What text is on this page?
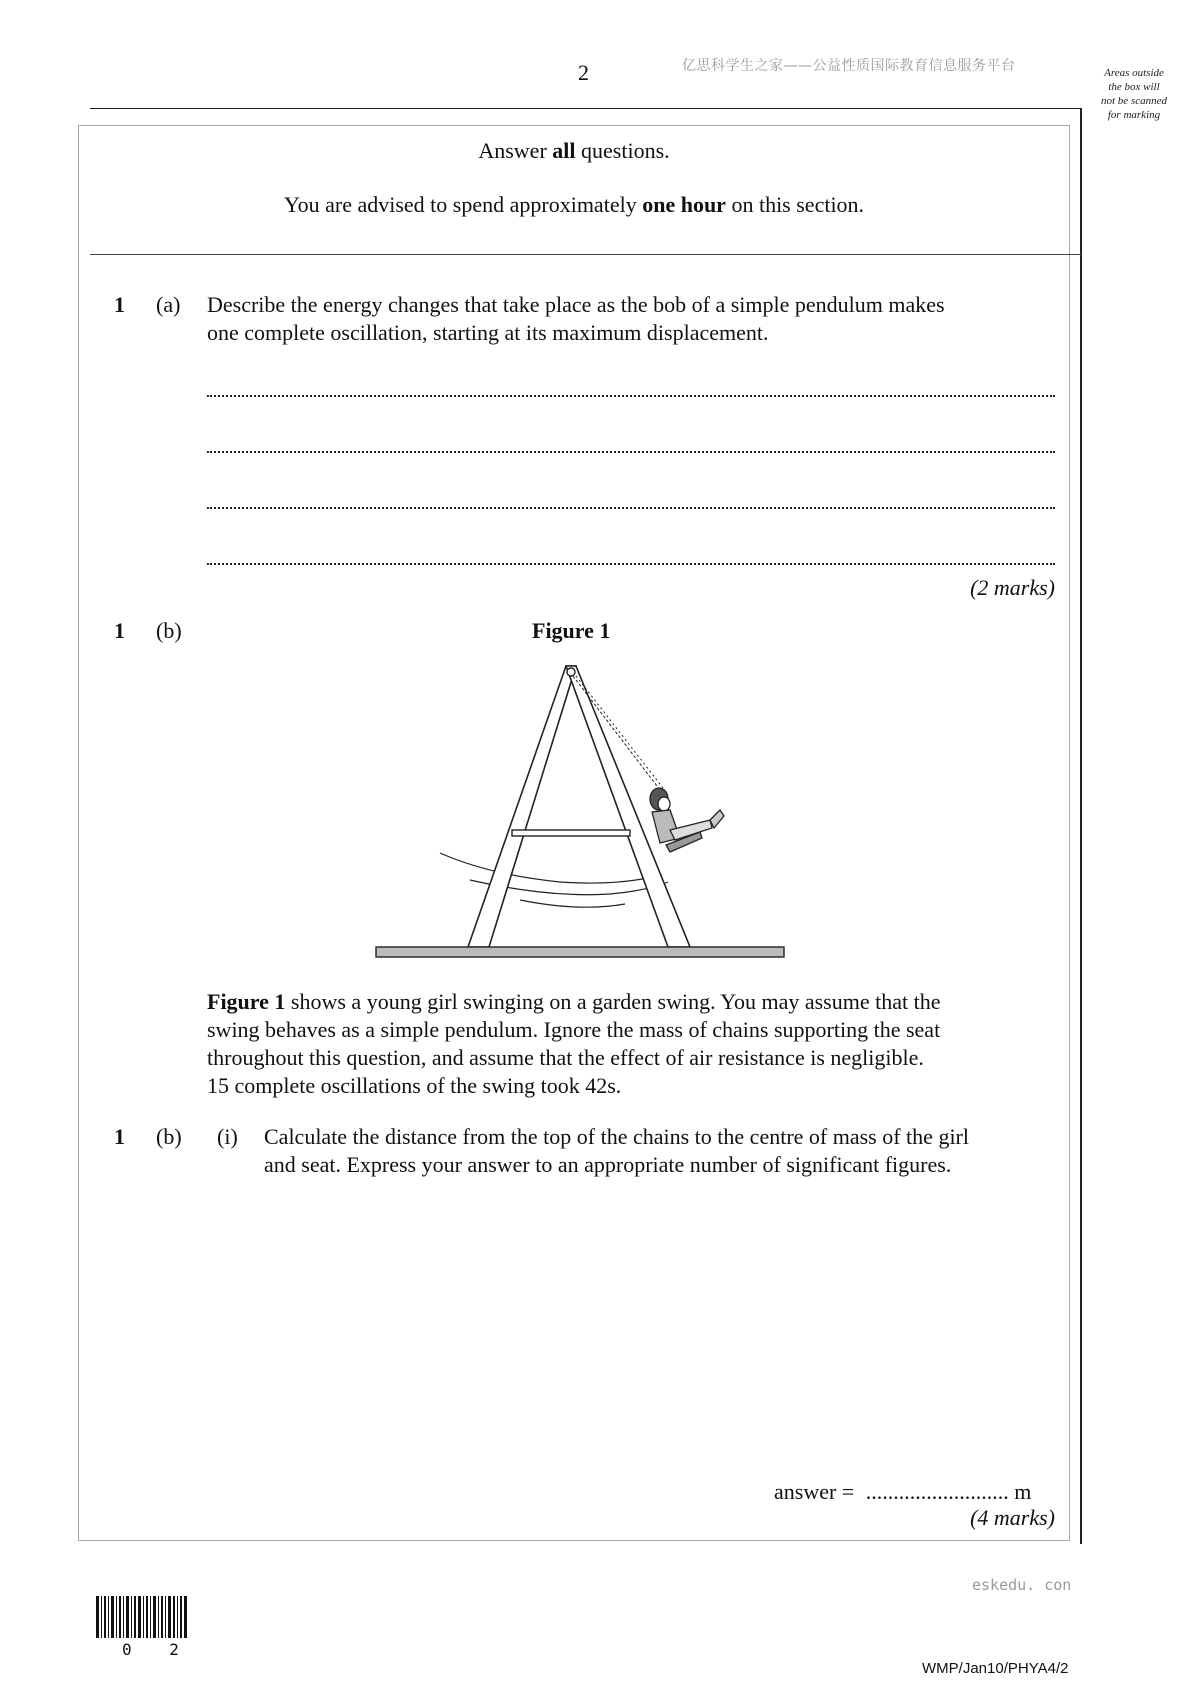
2	亿思科学生之家——公益性质国际教育信息服务平台	Areas outside
the box will
not be scanned
for marking
Answer all questions.
You are advised to spend approximately one hour on this section.
1 (a) Describe the energy changes that take place as the bob of a simple pendulum makes
one complete oscillation, starting at its maximum displacement.
(2 marks)
1 (b)	Figure 1
Figure 1 shows a young girl swinging on a garden swing. You may assume that the
swing behaves as a simple pendulum. Ignore the mass of chains supporting the seat
throughout this question, and assume that the effect of air resistance is negligible.
15 complete oscillations of the swing took 42s.
1 (b) (i) Calculate the distance from the top of the chains to the centre of mass of the girl
and seat. Express your answer to an appropriate number of significant figures.
answer = .......................... m
(4 marks)
eskedu. con
0 2
WMP/Jan10/PHYA4/2
